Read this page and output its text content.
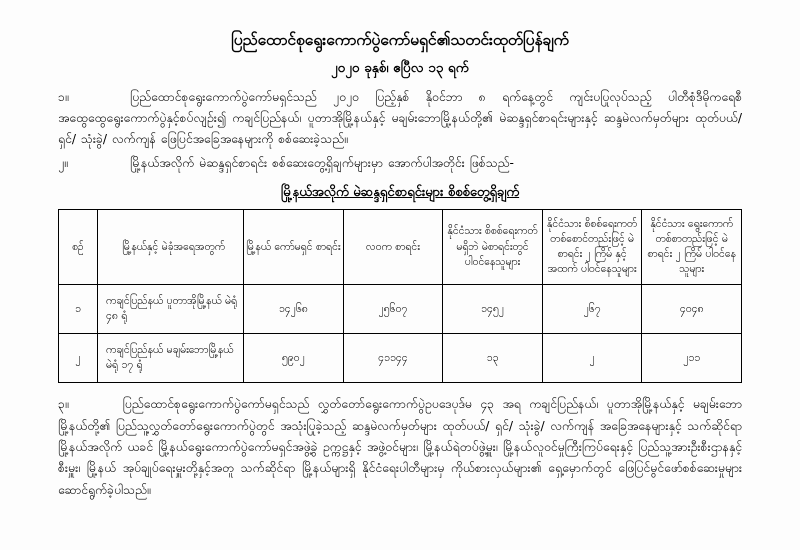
ပြည်ထောင်စုရွေးကောက်ပွဲကော်မရှင်၏သတင်းထုတ်ပြန်ချက်
၂၀၂၀ ခုနှစ်၊ ဧပြီလ ၁၃ ရက်
၁။	ပြည်ထောင်စုရွေးကောက်ပွဲကော်မရှင်သည် ၂၀၂၀ ပြည့်နှစ် နိုဝင်ဘာ ၈ ရက်နေ့တွင် ကျင်းပပြုလုပ်သည့် ပါတီစုံဒီမိုကရေစီအထွေထွေရွေးကောက်ပွဲနှင့်စပ်လျဉ်း၍ ကချင်ပြည်နယ်၊ ပူတာအိုမြို့နယ်နှင့် မချမ်းဘောမြို့နယ်တို့၏ မဲဆန္ဒရှင်စာရင်းများနှင့် ဆန္ဒမဲလက်မှတ်များ ထုတ်ပယ်/ ရှင်/ သုံးခွဲ/ လက်ကျန် ဖြေပြင်အခြေအနေများကို စစ်ဆေးခဲ့သည်။
၂။	မြို့နယ်အလိုက် မဲဆန္ဒရှင်စာရင်း စစ်ဆေးတွေ့ရှိချက်များမှာ အောက်ပါအတိုင်း ဖြစ်သည်-
မြို့နယ်အလိုက် မဲဆန္ဒရှင်စာရင်းများ စိစစ်တွေ့ရှိချက်
စဉ်	မြို့နယ်နှင့် မဲခုံအရေအတွက်	မြို့နယ် ကော်မရှင် စာရင်း	လဝက စာရင်း	နိုင်ငံသား စိစစ်ရေးကတ် မရှိဘဲ မဲစာရင်းတွင် ပါဝင်နေသူများ	နိုင်ငံသား စိစစ်ရေးကတ် တစ်စောင်တည်းဖြင့် မဲစာရင်း ၂ ကြိမ် နှင့် အထက် ပါဝင်နေသူများ	နိုင်ငံသား ရွေးကောက် တစ်စာတည်းဖြင့် မဲစာရင်း ၂ ကြိမ် ပါဝင်နေသူများ
၁	ကချင်ပြည်နယ် ပူတာအိုမြို့နယ် မဲရုံ ၄၈ ရုံ	၁၄၂၆၈	၂၅၆၀၇	၁၄၅၂	၂၆၇	၄၀၄၈
၂	ကချင်ပြည်နယ် မချမ်းဘောမြို့နယ် မဲရုံ ၁၇ ရုံ	၅၉၀၂	၄၁၁၄၄	၁၃	၂	၂၁၁
၃။	ပြည်ထောင်စုရွေးကောက်ပွဲကော်မရှင်သည် လွှတ်တော်ရွေးကောက်ပွဲဥပဒေပုဒ်မ ၄၃ အရ ကချင်ပြည်နယ်၊ ပူတာအိုမြို့နယ်နှင့် မချမ်းဘောမြို့နယ်တို့၏ ပြည်သူ့လွှတ်တော်ရွေးကောက်ပွဲတွင် အသုံးပြုခဲ့သည့် ဆန္ဒမဲလက်မှတ်များ ထုတ်ပယ်/ ရှင်/ သုံးခွဲ/ လက်ကျန် အခြေအနေများနှင့် သက်ဆိုင်ရာ မြို့နယ်အလိုက် ယခင် မြို့နယ်ရွေးကောက်ပွဲကော်မရှင်အဖွဲ့ခွဲ ဥက္ကဋ္ဌနှင့် အဖွဲ့ဝင်များ၊ မြို့နယ်ရဲတပ်ဖွဲ့မှူး၊ မြို့နယ်လူဝင်မှုကြီးကြပ်ရေးနှင့် ပြည်သူ့အားဦးစီးဌာနနှင့်စီးမှူး၊ မြို့နယ် အုပ်ချုပ်ရေးမှူးတို့နှင့်အတူ သက်ဆိုင်ရာ မြို့နယ်များရှိ နိုင်ငံရေးပါတီများမှ ကိုယ်စားလှယ်များ၏ ရှေ့မှောက်တွင် ဖြေပြင်မွင်ဖော်စစ်ဆေးမှုများ ဆောင်ရွက်ခဲ့ပါသည်။
